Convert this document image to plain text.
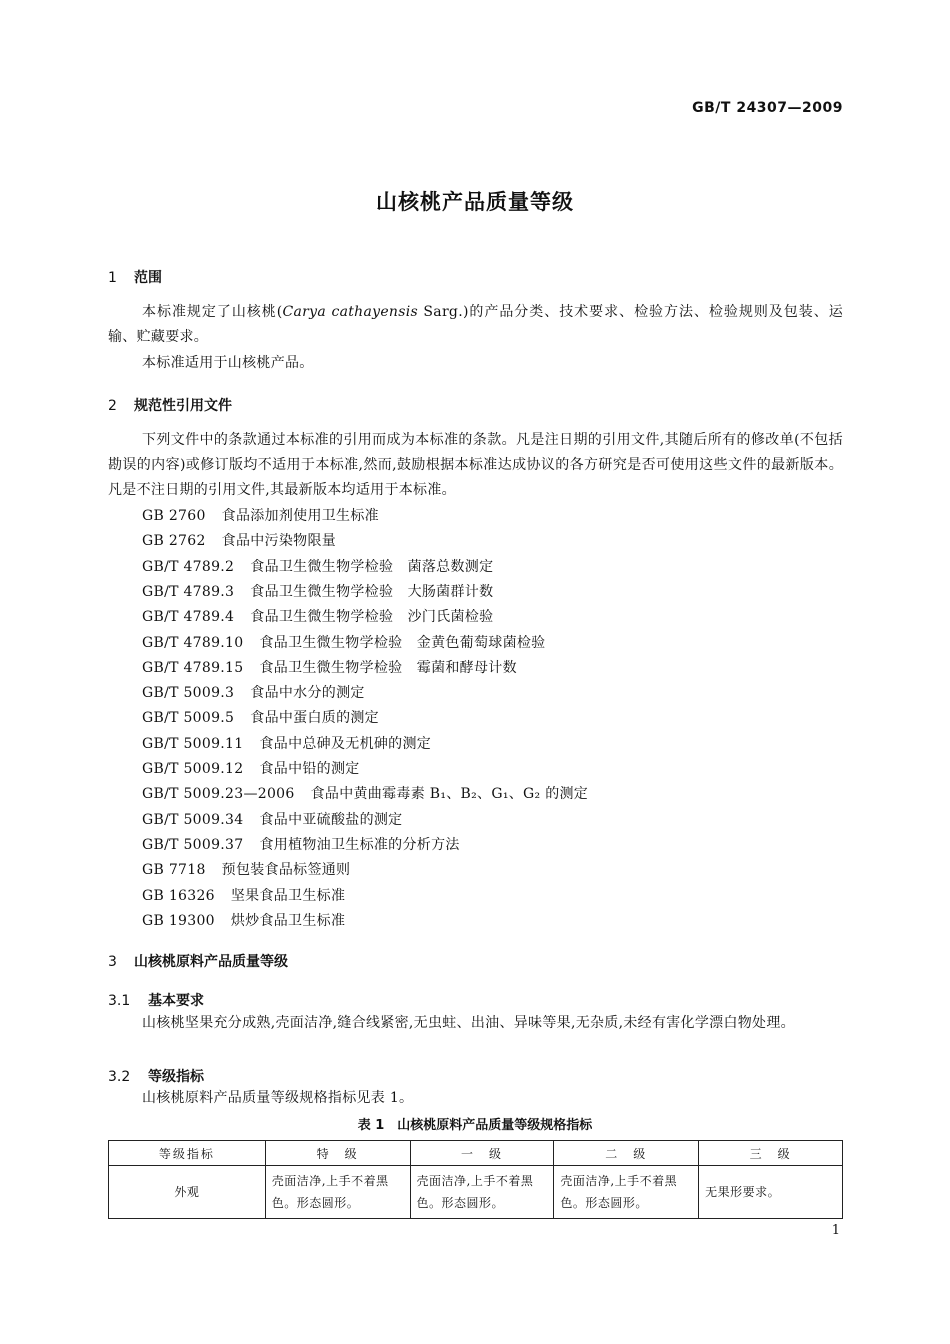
GB/T 24307—2009
山核桃产品质量等级
1 范围
本标准规定了山核桃(Carya cathayensis Sarg.)的产品分类、技术要求、检验方法、检验规则及包装、运输、贮藏要求。
本标准适用于山核桃产品。
2 规范性引用文件
下列文件中的条款通过本标准的引用而成为本标准的条款。凡是注日期的引用文件,其随后所有的修改单(不包括勘误的内容)或修订版均不适用于本标准,然而,鼓励根据本标准达成协议的各方研究是否可使用这些文件的最新版本。凡是不注日期的引用文件,其最新版本均适用于本标准。
GB 2760 食品添加剂使用卫生标准
GB 2762 食品中污染物限量
GB/T 4789.2 食品卫生微生物学检验　菌落总数测定
GB/T 4789.3 食品卫生微生物学检验　大肠菌群计数
GB/T 4789.4 食品卫生微生物学检验　沙门氏菌检验
GB/T 4789.10 食品卫生微生物学检验　金黄色葡萄球菌检验
GB/T 4789.15 食品卫生微生物学检验　霉菌和酵母计数
GB/T 5009.3 食品中水分的测定
GB/T 5009.5 食品中蛋白质的测定
GB/T 5009.11 食品中总砷及无机砷的测定
GB/T 5009.12 食品中铅的测定
GB/T 5009.23—2006 食品中黄曲霉毒素 B₁、B₂、G₁、G₂ 的测定
GB/T 5009.34 食品中亚硫酸盐的测定
GB/T 5009.37 食用植物油卫生标准的分析方法
GB 7718 预包装食品标签通则
GB 16326 坚果食品卫生标准
GB 19300 烘炒食品卫生标准
3 山核桃原料产品质量等级
3.1 基本要求
山核桃坚果充分成熟,壳面洁净,缝合线紧密,无虫蛀、出油、异味等果,无杂质,未经有害化学漂白物处理。
3.2 等级指标
山核桃原料产品质量等级规格指标见表 1。
表 1　山核桃原料产品质量等级规格指标
等级指标	特　级	一　级	二　级	三　级
外观	壳面洁净,上手不着黑色。形态圆形。	壳面洁净,上手不着黑色。形态圆形。	壳面洁净,上手不着黑色。形态圆形。	无果形要求。
1
